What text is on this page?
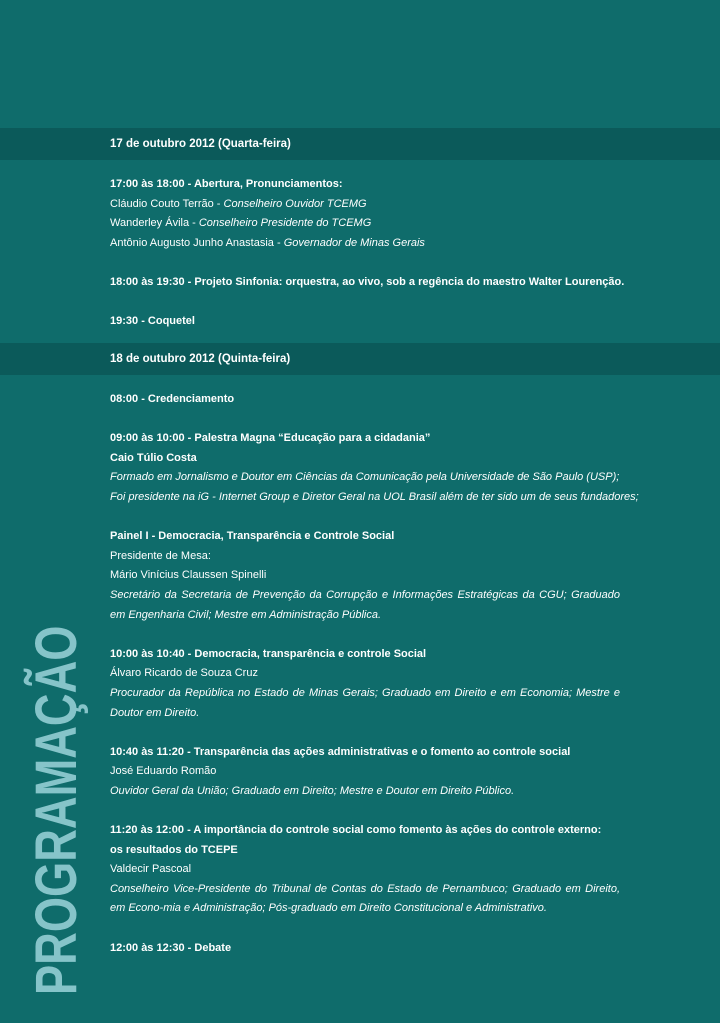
17 de outubro 2012 (Quarta-feira)
17:00 às 18:00 - Abertura, Pronunciamentos:
Cláudio Couto Terrão - Conselheiro Ouvidor TCEMG
Wanderley Ávila - Conselheiro Presidente do TCEMG
Antônio Augusto Junho Anastasia - Governador de Minas Gerais
18:00 às 19:30 - Projeto Sinfonia: orquestra, ao vivo, sob a regência do maestro Walter Lourenção.
19:30 - Coquetel
18 de outubro 2012 (Quinta-feira)
08:00 - Credenciamento
09:00 às 10:00 - Palestra Magna “Educação para a cidadania”
Caio Túlio Costa
Formado em Jornalismo e Doutor em Ciências da Comunicação pela Universidade de São Paulo (USP);
Foi presidente na iG - Internet Group e Diretor Geral na UOL Brasil além de ter sido um de seus fundadores;
Painel I - Democracia, Transparência e Controle Social
Presidente de Mesa:
Mário Vinícius Claussen Spinelli
Secretário da Secretaria de Prevenção da Corrupção e Informações Estratégicas da CGU; Graduado em Engenharia Civil; Mestre em Administração Pública.
10:00 às 10:40 - Democracia, transparência e controle Social
Álvaro Ricardo de Souza Cruz
Procurador da República no Estado de Minas Gerais; Graduado em Direito e em Economia; Mestre e Doutor em Direito.
10:40 às 11:20 - Transparência das ações administrativas e o fomento ao controle social
José Eduardo Romão
Ouvidor Geral da União; Graduado em Direito; Mestre e Doutor em Direito Público.
11:20 às 12:00 - A importância do controle social como fomento às ações do controle externo:
os resultados do TCEPE
Valdecir Pascoal
Conselheiro Vice-Presidente do Tribunal de Contas do Estado de Pernambuco; Graduado em Direito, em Econo-mia e Administração; Pós-graduado em Direito Constitucional e Administrativo.
12:00 às 12:30 - Debate
PROGRAMAÇÃO
